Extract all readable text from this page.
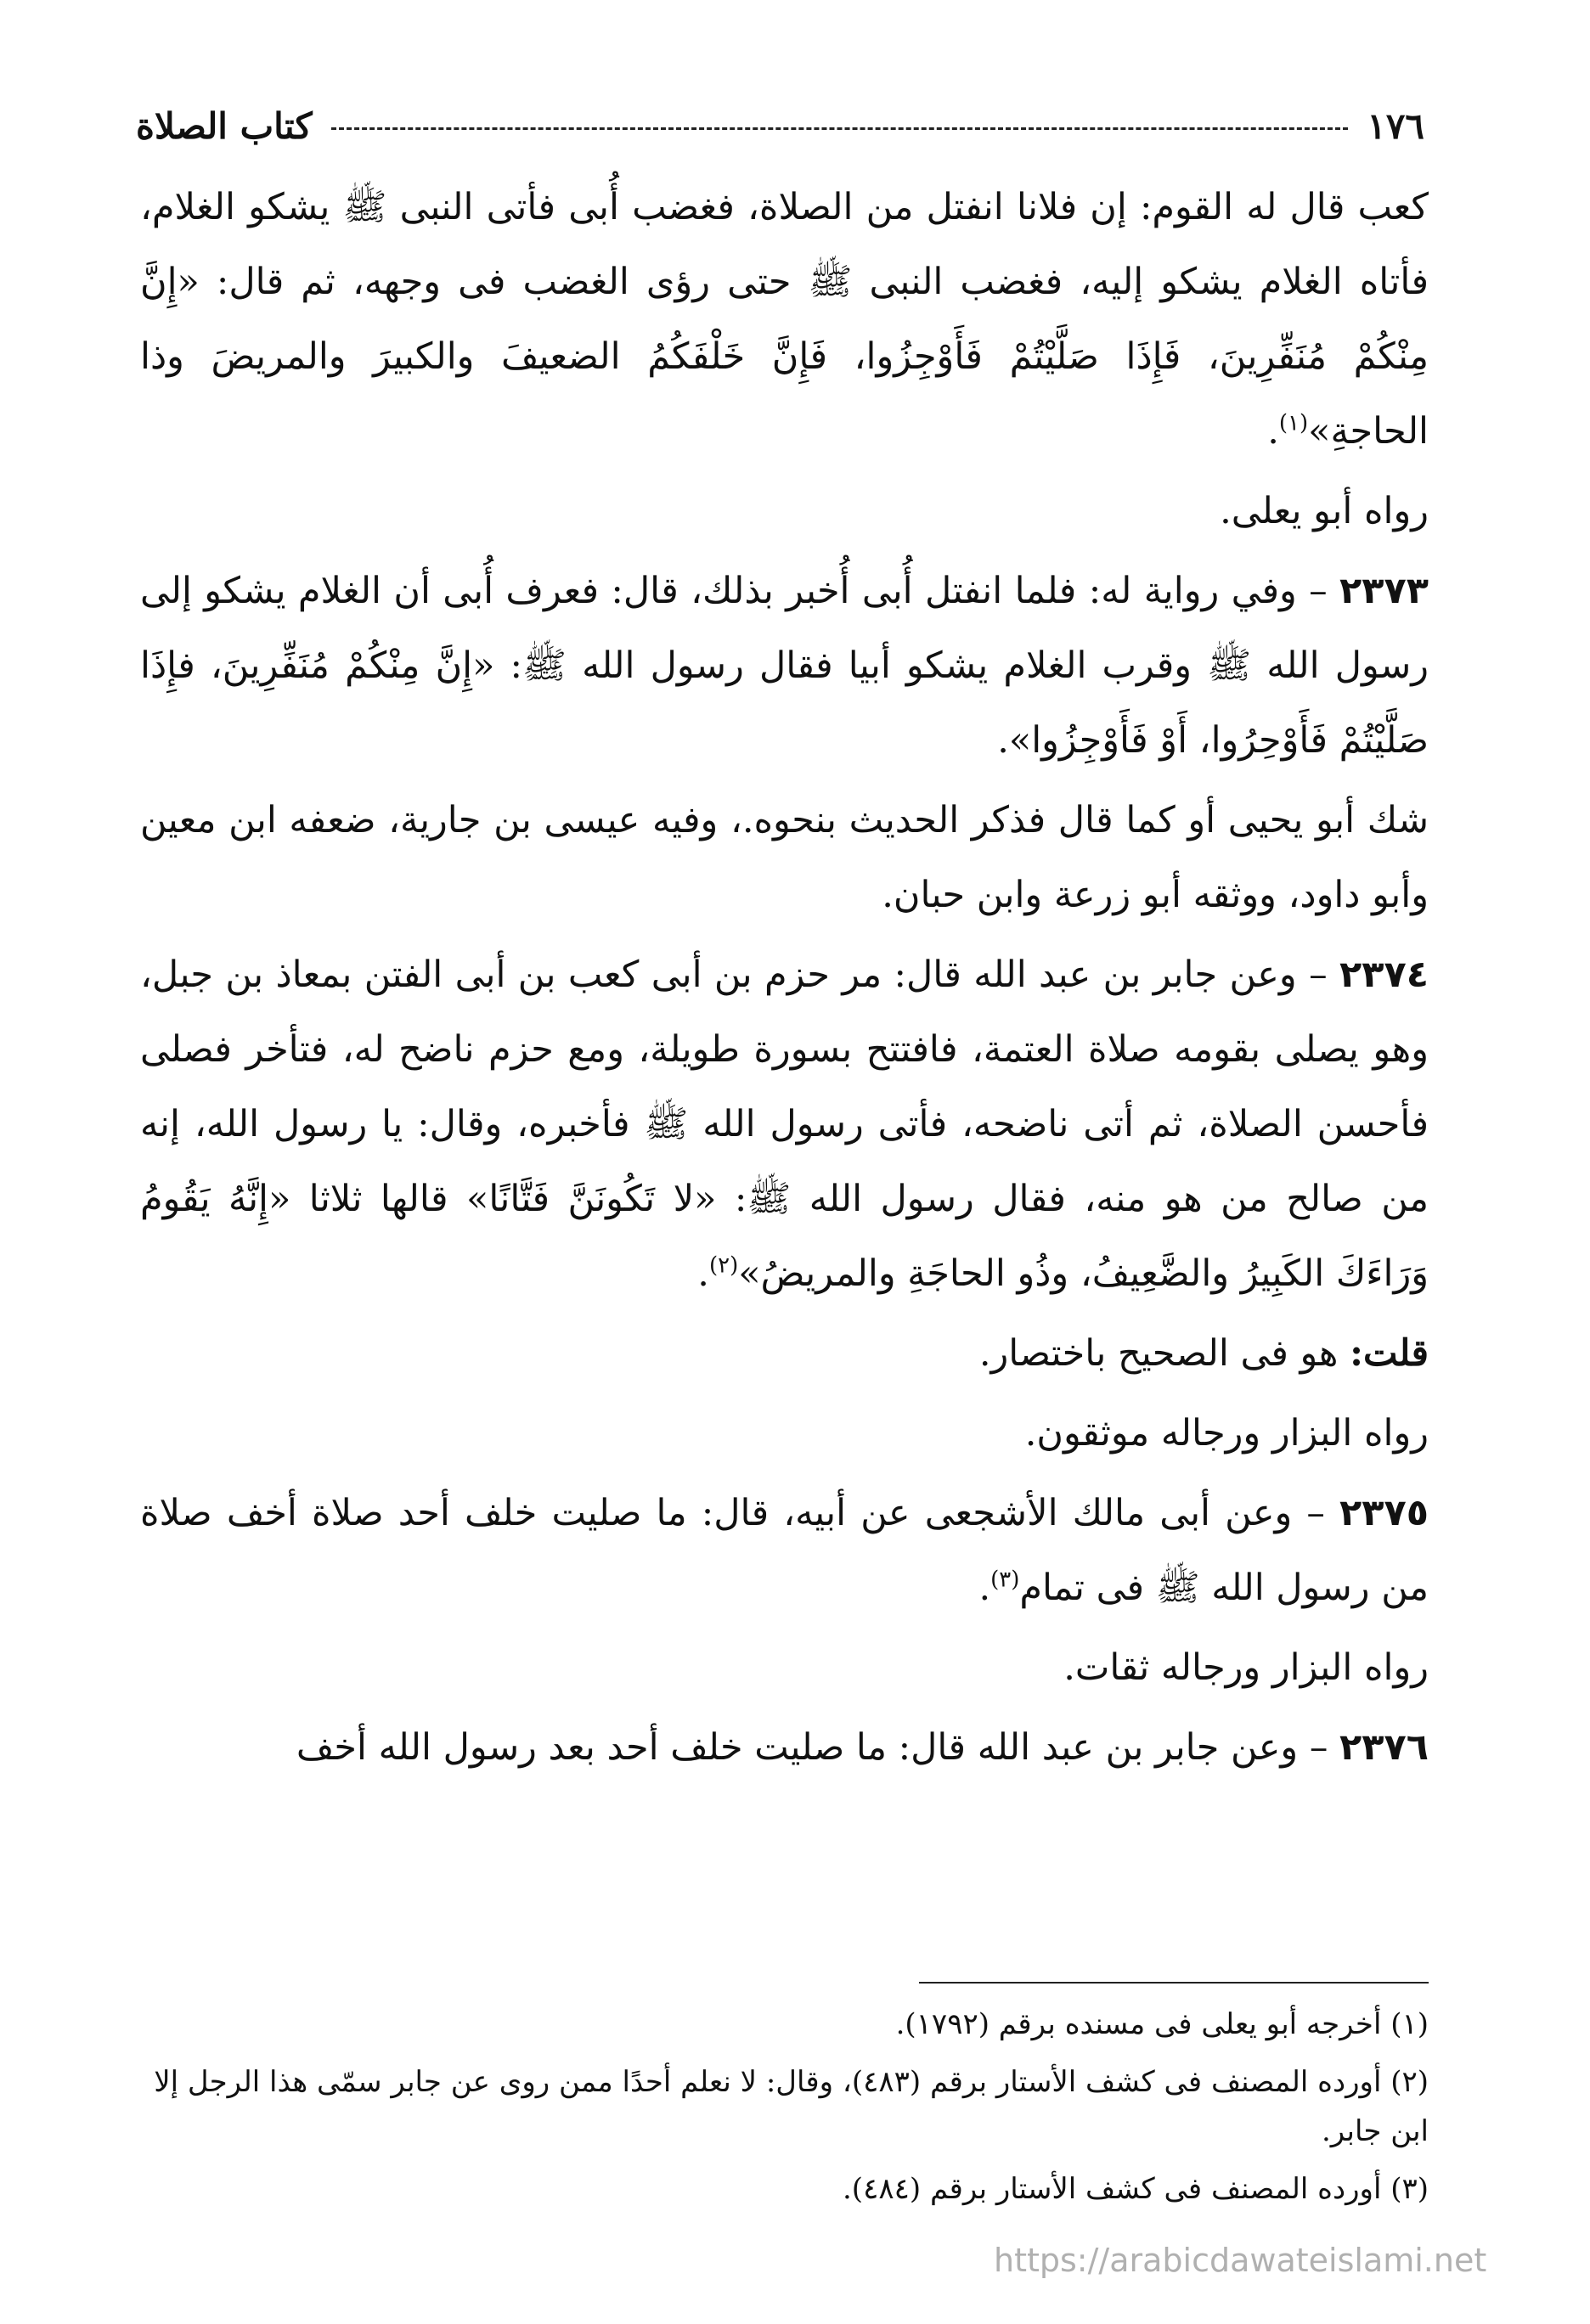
١٧٦
كتاب الصلاة

كعب قال له القوم: إن فلانا انفتل من الصلاة، فغضب أُبى فأتى النبى ﷺ يشكو الغلام، فأتاه الغلام يشكو إليه، فغضب النبى ﷺ حتى رؤى الغضب فى وجهه، ثم قال: «إِنَّ مِنْكُمْ مُنَفِّرِينَ، فَإِذَا صَلَّيْتُمْ فَأَوْجِزُوا، فَإِنَّ خَلْفَكُمُ الضعيفَ والكبيرَ والمريضَ وذا الحاجةِ»$^{(١)}$.

رواه أبو يعلى.

٢٣٧٣ – وفي رواية له: فلما انفتل أُبى أُخبر بذلك، قال: فعرف أُبى أن الغلام يشكو إلى رسول الله ﷺ وقرب الغلام يشكو أبيا فقال رسول الله ﷺ: «إِنَّ مِنْكُمْ مُنَفِّرِينَ، فإِذَا صَلَّيْتُمْ فَأَوْحِرُوا، أَوْ فَأَوْجِزُوا».

شك أبو يحيى أو كما قال فذكر الحديث بنحوه.، وفيه عيسى بن جارية، ضعفه ابن معين وأبو داود، ووثقه أبو زرعة وابن حبان.

٢٣٧٤ – وعن جابر بن عبد الله قال: مر حزم بن أبى كعب بن أبى الفتن بمعاذ بن جبل، وهو يصلى بقومه صلاة العتمة، فافتتح بسورة طويلة، ومع حزم ناضح له، فتأخر فصلى فأحسن الصلاة، ثم أتى ناضحه، فأتى رسول الله ﷺ فأخبره، وقال: يا رسول الله، إنه من صالح من هو منه، فقال رسول الله ﷺ: «لا تَكُونَنَّ فَتَّانًا» قالها ثلاثا «إِنَّهُ يَقُومُ وَرَاءَكَ الكَبِيرُ والضَّعِيفُ، وذُو الحاجَةِ والمريضُ»$^{(٢)}$.

قلت: هو فى الصحيح باختصار.

رواه البزار ورجاله موثقون.

٢٣٧٥ – وعن أبى مالك الأشجعى عن أبيه، قال: ما صليت خلف أحد صلاة أخف صلاة من رسول الله ﷺ فى تمام$^{(٣)}$.

رواه البزار ورجاله ثقات.

٢٣٧٦ – وعن جابر بن عبد الله قال: ما صليت خلف أحد بعد رسول الله أخف

(١) أخرجه أبو يعلى فى مسنده برقم (١٧٩٢).

(٢) أورده المصنف فى كشف الأستار برقم (٤٨٣)، وقال: لا نعلم أحدًا ممن روى عن جابر سمّى هذا الرجل إلا ابن جابر.

(٣) أورده المصنف فى كشف الأستار برقم (٤٨٤).

https://arabicdawateislami.net
